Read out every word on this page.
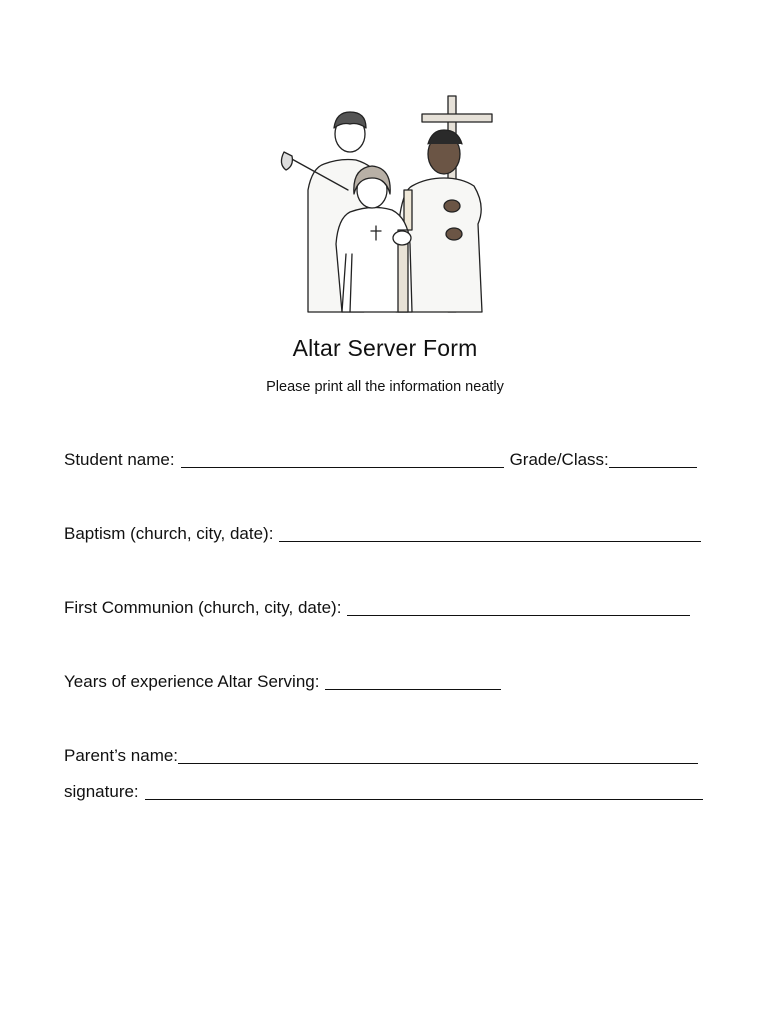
Altar Server Form
Please print all the information neatly
Student name:	Grade/Class:
Baptism (church, city, date):
First Communion (church, city, date):
Years of experience Altar Serving:
Parent’s name:
signature:
